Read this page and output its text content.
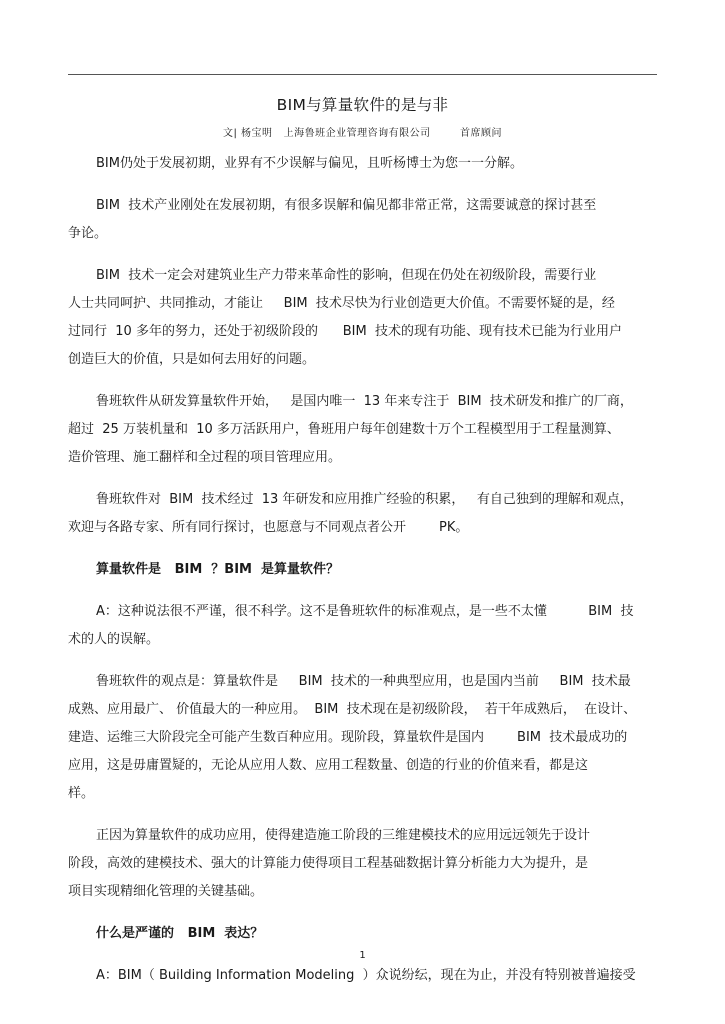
BIM与算量软件的是与非
文| 杨宝明   上海鲁班企业管理咨询有限公司        首席顾问
BIM仍处于发展初期，业界有不少误解与偏见，且听杨博士为您一一分解。
BIM  技术产业刚处在发展初期，有很多误解和偏见都非常正常，这需要诚意的探讨甚至
争论。
BIM  技术一定会对建筑业生产力带来革命性的影响，但现在仍处在初级阶段，需要行业
人士共同呵护、共同推动，才能让     BIM  技术尽快为行业创造更大价值。不需要怀疑的是，经
过同行  10 多年的努力，还处于初级阶段的      BIM  技术的现有功能、现有技术已能为行业用户
创造巨大的价值，只是如何去用好的问题。
鲁班软件从研发算量软件开始，   是国内唯一  13 年来专注于  BIM  技术研发和推广的厂商，
超过  25 万装机量和  10 多万活跃用户，鲁班用户每年创建数十万个工程模型用于工程量测算、
造价管理、施工翻样和全过程的项目管理应用。
鲁班软件对  BIM  技术经过  13 年研发和应用推广经验的积累，   有自己独到的理解和观点，
欢迎与各路专家、所有同行探讨，也愿意与不同观点者公开        PK。
算量软件是   BIM  ？BIM  是算量软件？
A：这种说法很不严谨，很不科学。这不是鲁班软件的标准观点，是一些不太懂          BIM  技
术的人的误解。
鲁班软件的观点是：算量软件是     BIM  技术的一种典型应用，也是国内当前     BIM  技术最
成熟、应用最广、 价值最大的一种应用。  BIM  技术现在是初级阶段，  若干年成熟后，  在设计、
建造、运维三大阶段完全可能产生数百种应用。现阶段，算量软件是国内        BIM  技术最成功的
应用，这是毋庸置疑的，无论从应用人数、应用工程数量、创造的行业的价值来看，都是这
样。
正因为算量软件的成功应用，使得建造施工阶段的三维建模技术的应用远远领先于设计
阶段，高效的建模技术、强大的计算能力使得项目工程基础数据计算分析能力大为提升，是
项目实现精细化管理的关键基础。
什么是严谨的   BIM  表达？
A：BIM（ Building Information Modeling  ）众说纷纭，现在为止，并没有特别被普遍接受
1
